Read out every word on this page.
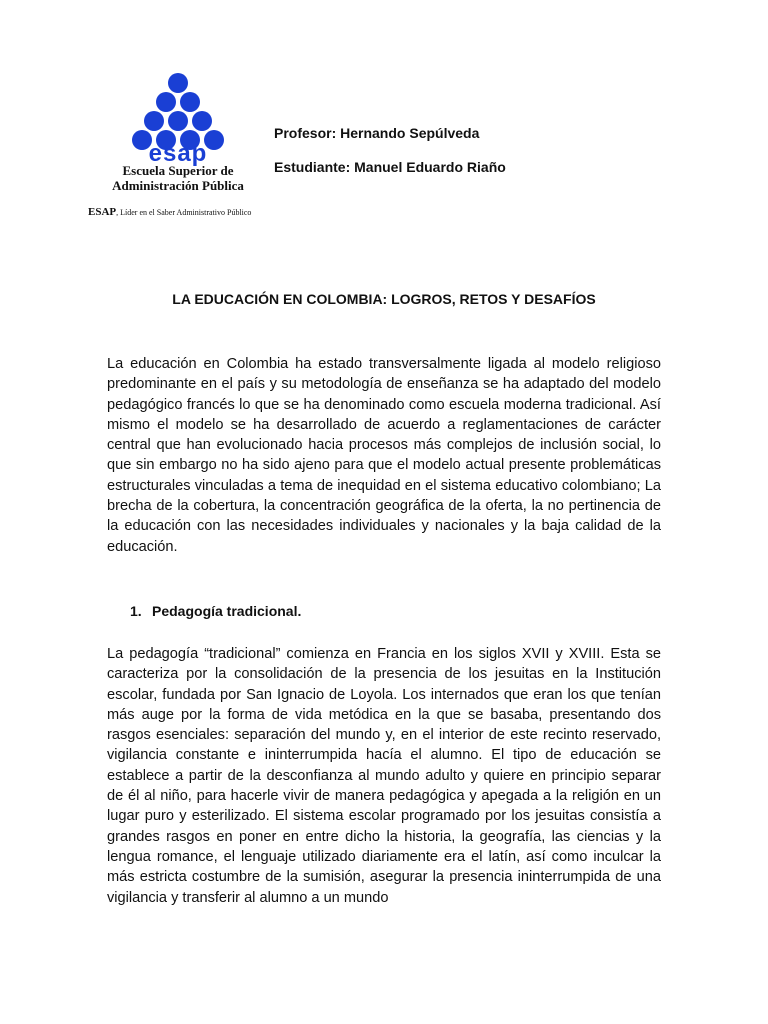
esap
Escuela Superior de
Administración Pública
ESAP, Líder en el Saber Administrativo Público
Profesor: Hernando Sepúlveda
Estudiante: Manuel Eduardo Riaño
LA EDUCACIÓN EN COLOMBIA: LOGROS, RETOS Y DESAFÍOS

La educación en Colombia ha estado transversalmente ligada al modelo religioso predominante en el país y su metodología de enseñanza se ha adaptado del modelo pedagógico francés lo que se ha denominado como escuela moderna tradicional. Así mismo el modelo se ha desarrollado de acuerdo a reglamentaciones de carácter central que han evolucionado hacia procesos más complejos de inclusión social, lo que sin embargo no ha sido ajeno para que el modelo actual presente problemáticas estructurales vinculadas a tema de inequidad en el sistema educativo colombiano; La brecha de la cobertura, la concentración geográfica de la oferta, la no pertinencia de la educación con las necesidades individuales y nacionales y la baja calidad de la educación.

1. Pedagogía tradicional.

La pedagogía “tradicional” comienza en Francia en los siglos XVII y XVIII. Esta se caracteriza por la consolidación de la presencia de los jesuitas en la Institución escolar, fundada por San Ignacio de Loyola. Los internados que eran los que tenían más auge por la forma de vida metódica en la que se basaba, presentando dos rasgos esenciales: separación del mundo y, en el interior de este recinto reservado, vigilancia constante e ininterrumpida hacía el alumno. El tipo de educación se establece a partir de la desconfianza al mundo adulto y quiere en principio separar de él al niño, para hacerle vivir de manera pedagógica y apegada a la religión en un lugar puro y esterilizado. El sistema escolar programado por los jesuitas consistía a grandes rasgos en poner en entre dicho la historia, la geografía, las ciencias y la lengua romance, el lenguaje utilizado diariamente era el latín, así como inculcar la más estricta costumbre de la sumisión, asegurar la presencia ininterrumpida de una vigilancia y transferir al alumno a un mundo
